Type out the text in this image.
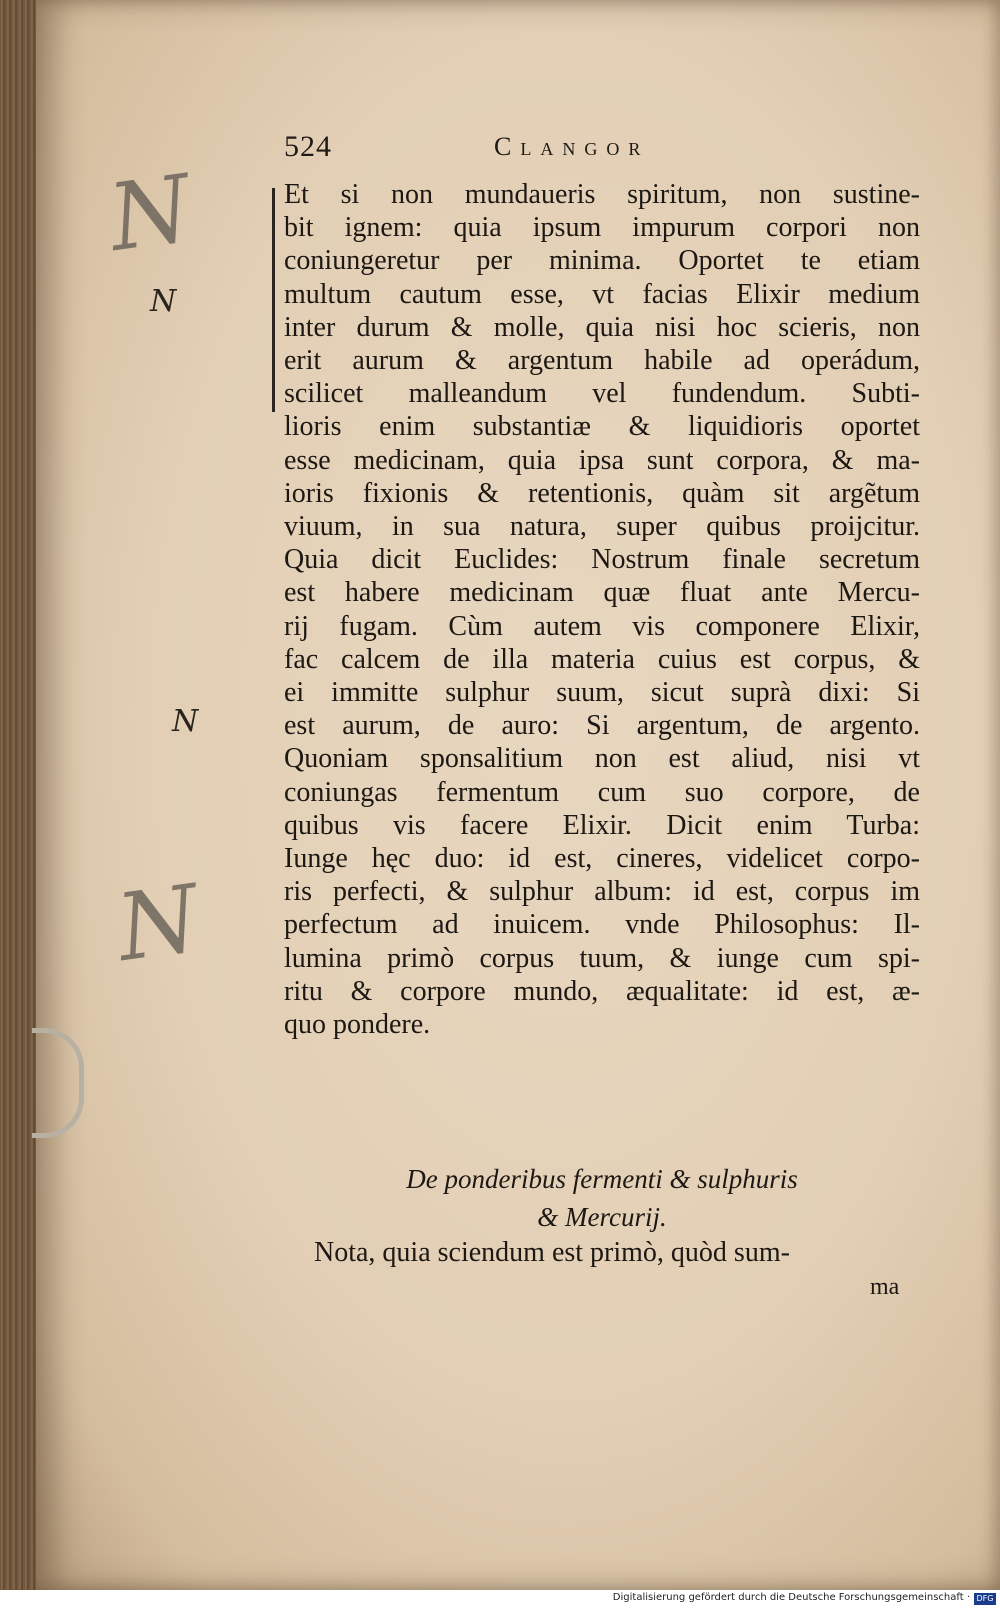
524	Clangor
N
N
N
N
Et si non mundaueris spiritum, non sustine-
bit ignem: quia ipsum impurum corpori non
coniungeretur per minima. Oportet te etiam
multum cautum esse, vt facias Elixir medium
inter durum & molle, quia nisi hoc scieris, non
erit aurum & argentum habile ad operádum,
scilicet malleandum vel fundendum. Subti-
lioris enim substantiæ & liquidioris oportet
esse medicinam, quia ipsa sunt corpora, & ma-
ioris fixionis & retentionis, quàm sit argẽtum
viuum, in sua natura, super quibus proijcitur.
Quia dicit Euclides: Nostrum finale secretum
est habere medicinam quæ fluat ante Mercu-
rij fugam. Cùm autem vis componere Elixir,
fac calcem de illa materia cuius est corpus, &
ei immitte sulphur suum, sicut suprà dixi: Si
est aurum, de auro: Si argentum, de argento.
Quoniam sponsalitium non est aliud, nisi vt
coniungas fermentum cum suo corpore, de
quibus vis facere Elixir. Dicit enim Turba:
Iunge hęc duo: id est, cineres, videlicet corpo-
ris perfecti, & sulphur album: id est, corpus im
perfectum ad inuicem. vnde Philosophus: Il-
lumina primò corpus tuum, & iunge cum spi-
ritu & corpore mundo, æqualitate: id est, æ-
quo pondere.
De ponderibus fermenti & sulphuris
& Mercurij.
Nota, quia sciendum est primò, quòd sum-
ma
Digitalisierung gefördert durch die Deutsche Forschungsgemeinschaft · DFG
